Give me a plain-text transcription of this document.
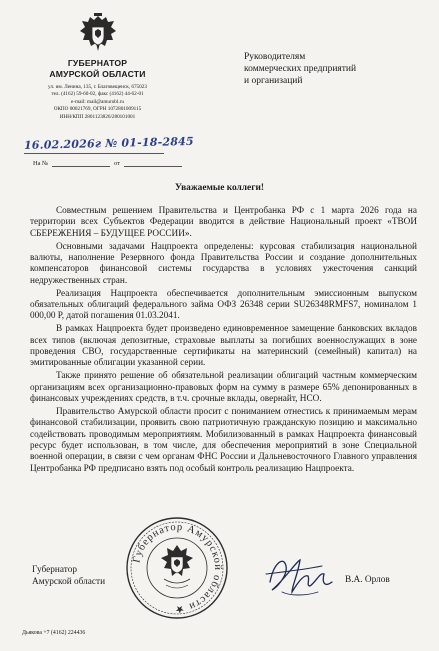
ГУБЕРНАТОР
АМУРСКОЙ ОБЛАСТИ
ул. им. Ленина, 135, г. Благовещенск, 675023
тел. (4162) 59-60-02, факс (4162) 44-62-01
e-mail: mail@amurobl.ru
ОКПО 00021769, ОГРН 1072801009115
ИНН/КПП 2801123826/280101001
16.02.2026г № 01-18-2845
На №	от
Руководителям
коммерческих предприятий
и организаций
Уважаемые коллеги!

Совместным решением Правительства и Центробанка РФ с 1 марта 2026 года на территории всех Субъектов Федерации вводится в действие Национальный проект «ТВОИ СБЕРЕЖЕНИЯ – БУДУЩЕЕ РОССИИ».

Основными задачами Нацпроекта определены: курсовая стабилизация национальной валюты, наполнение Резервного фонда Правительства России и создание дополнительных компенсаторов финансовой системы государства в условиях ужесточения санкций недружественных стран.

Реализация Нацпроекта обеспечивается дополнительным эмиссионным выпуском обязательных облигаций федерального займа ОФЗ 26348 серии SU26348RMFS7, номиналом 1 000,00 Р, датой погашения 01.03.2041.

В рамках Нацпроекта будет произведено единовременное замещение банковских вкладов всех типов (включая депозитные, страховые выплаты за погибших военнослужащих в зоне проведения СВО, государственные сертификаты на материнский (семейный) капитал) на эмитированные облигации указанной серии.

Также принято решение об обязательной реализации облигаций частным коммерческим организациям всех организационно-правовых форм на сумму в размере 65% депонированных в финансовых учреждениях средств, в т.ч. срочные вклады, овернайт, НСО.

Правительство Амурской области просит с пониманием отнестись к принимаемым мерам финансовой стабилизации, проявить свою патриотичную гражданскую позицию и максимально содействовать проводимым мероприятиям. Мобилизованный в рамках Нацпроекта финансовый ресурс будет использован, в том числе, для обеспечения мероприятий в зоне Специальной военной операции, в связи с чем органам ФНС России и Дальневосточного Главного управления Центробанка РФ предписано взять под особый контроль реализацию Нацпроекта.

Губернатор
Амурской области
Губернатор Амурской области ★
В.А. Орлов
Дьякова +7 (4162) 224436
